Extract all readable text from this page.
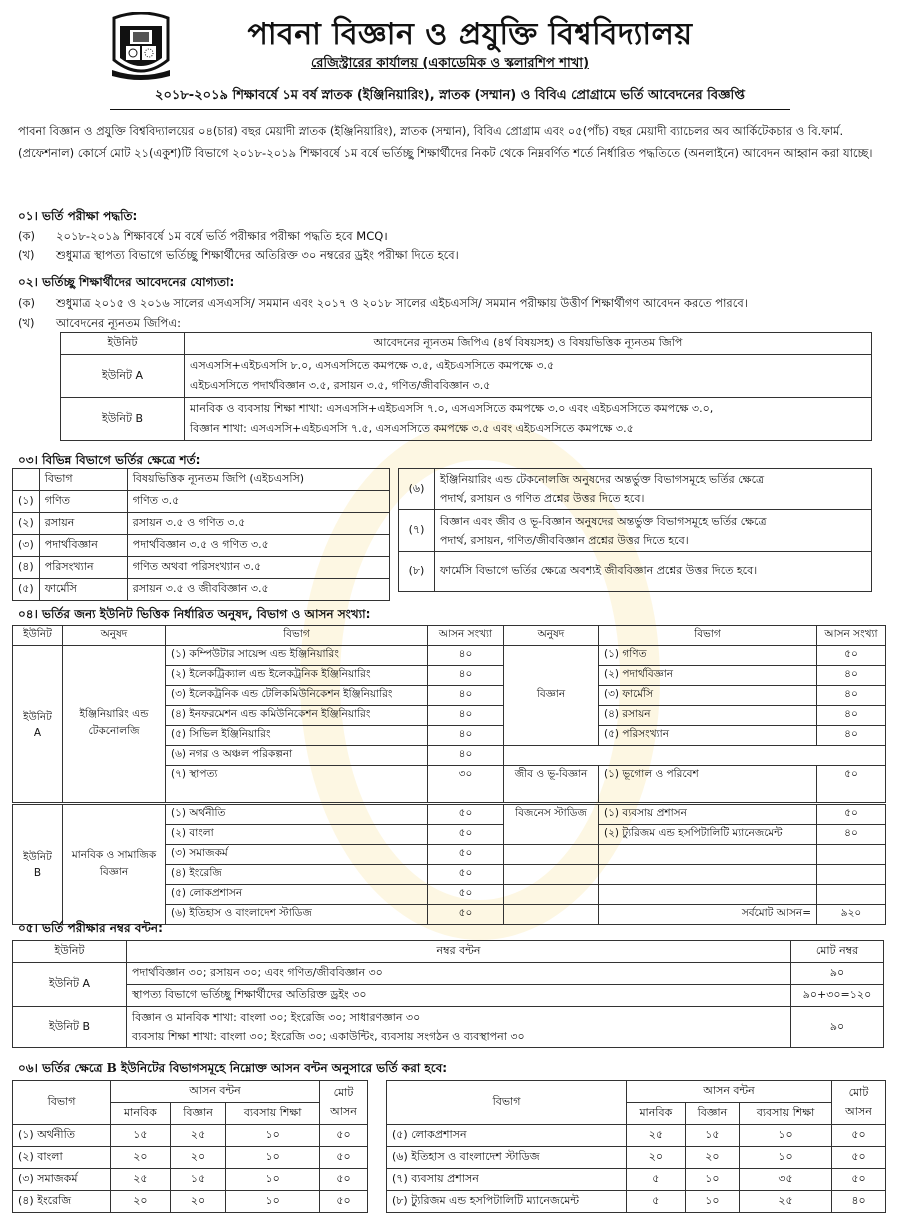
পাবনা বিজ্ঞান ও প্রযুক্তি বিশ্ববিদ্যালয়
রেজিস্ট্রারের কার্যালয় (একাডেমিক ও স্কলারশিপ শাখা)
২০১৮-২০১৯ শিক্ষাবর্ষে ১ম বর্ষ স্নাতক (ইঞ্জিনিয়ারিং), স্নাতক (সম্মান) ও বিবিএ প্রোগ্রামে ভর্তি আবেদনের বিজ্ঞপ্তি
পাবনা বিজ্ঞান ও প্রযুক্তি বিশ্ববিদ্যালয়ের ০৪(চার) বছর মেয়াদী স্নাতক (ইঞ্জিনিয়ারিং), স্নাতক (সম্মান), বিবিএ প্রোগ্রাম এবং ০৫(পাঁচ) বছর মেয়াদী ব্যাচেলর অব আর্কিটেকচার ও বি.ফার্ম. (প্রফেশনাল) কোর্সে মোট ২১(একুশ)টি বিভাগে ২০১৮-২০১৯ শিক্ষাবর্ষে ১ম বর্ষে ভর্তিচ্ছু শিক্ষার্থীদের নিকট থেকে নিম্নবর্ণিত শর্তে নির্ধারিত পদ্ধতিতে (অনলাইনে) আবেদন আহ্বান করা যাচ্ছে।
০১। ভর্তি পরীক্ষা পদ্ধতি:
(ক) ২০১৮-২০১৯ শিক্ষাবর্ষে ১ম বর্ষে ভর্তি পরীক্ষার পরীক্ষা পদ্ধতি হবে MCQ।
(খ) শুধুমাত্র স্থাপত্য বিভাগে ভর্তিচ্ছু শিক্ষার্থীদের অতিরিক্ত ৩০ নম্বরের ড্রইং পরীক্ষা দিতে হবে।
০২। ভর্তিচ্ছু শিক্ষার্থীদের আবেদনের যোগ্যতা:
(ক) শুধুমাত্র ২০১৫ ও ২০১৬ সালের এসএসসি/ সমমান এবং ২০১৭ ও ২০১৮ সালের এইচএসসি/ সমমান পরীক্ষায় উত্তীর্ণ শিক্ষার্থীগণ আবেদন করতে পারবে।
(খ) আবেদনের ন্যূনতম জিপিএ:
ইউনিট	আবেদনের ন্যূনতম জিপিএ (৪র্থ বিষয়সহ) ও বিষয়ভিত্তিক ন্যূনতম জিপি
ইউনিট A	এসএসসি+এইচএসসি ৮.০, এসএসসিতে কমপক্ষে ৩.৫, এইচএসসিতে কমপক্ষে ৩.৫
এইচএসসিতে পদার্থবিজ্ঞান ৩.৫, রসায়ন ৩.৫, গণিত/জীববিজ্ঞান ৩.৫

ইউনিট B	মানবিক ও ব্যবসায় শিক্ষা শাখা: এসএসসি+এইচএসসি ৭.০, এসএসসিতে কমপক্ষে ৩.০ এবং এইচএসসিতে কমপক্ষে ৩.০,
বিজ্ঞান শাখা: এসএসসি+এইচএসসি ৭.৫, এসএসসিতে কমপক্ষে ৩.৫ এবং এইচএসসিতে কমপক্ষে ৩.৫
০৩। বিভিন্ন বিভাগে ভর্তির ক্ষেত্রে শর্ত:
	বিভাগ	বিষয়ভিত্তিক ন্যূনতম জিপি (এইচএসসি)
(১)	গণিত	গণিত ৩.৫
(২)	রসায়ন	রসায়ন ৩.৫ ও গণিত ৩.৫
(৩)	পদার্থবিজ্ঞান	পদার্থবিজ্ঞান ৩.৫ ও গণিত ৩.৫
(৪)	পরিসংখ্যান	গণিত অথবা পরিসংখ্যান ৩.৫
(৫)	ফার্মেসি	রসায়ন ৩.৫ ও জীববিজ্ঞান ৩.৫
(৬)	ইঞ্জিনিয়ারিং এন্ড টেকনোলজি অনুষদের অন্তর্ভুক্ত বিভাগসমূহে ভর্তির ক্ষেত্রে
পদার্থ, রসায়ন ও গণিত প্রশ্নের উত্তর দিতে হবে।

(৭)	বিজ্ঞান এবং জীব ও ভূ-বিজ্ঞান অনুষদের অন্তর্ভুক্ত বিভাগসমূহে ভর্তির ক্ষেত্রে
পদার্থ, রসায়ন, গণিত/জীববিজ্ঞান প্রশ্নের উত্তর দিতে হবে।

(৮)	ফার্মেসি বিভাগে ভর্তির ক্ষেত্রে অবশ্যই জীববিজ্ঞান প্রশ্নের উত্তর দিতে হবে।
০৪। ভর্তির জন্য ইউনিট ভিত্তিক নির্ধারিত অনুষদ, বিভাগ ও আসন সংখ্যা:
ইউনিট	অনুষদ	বিভাগ	আসন সংখ্যা	অনুষদ	বিভাগ	আসন সংখ্যা
ইউনিট A	ইঞ্জিনিয়ারিং এন্ড টেকনোলজি	(১) কম্পিউটার সায়েন্স এন্ড ইঞ্জিনিয়ারিং	৪০	বিজ্ঞান	(১) গণিত	৫০
		(২) ইলেকট্রিক্যাল এন্ড ইলেকট্রনিক ইঞ্জিনিয়ারিং	৪০		(২) পদার্থবিজ্ঞান	৪০
		(৩) ইলেকট্রনিক এন্ড টেলিকমিউনিকেশন ইঞ্জিনিয়ারিং	৪০		(৩) ফার্মেসি	৪০
		(৪) ইনফরমেশন এন্ড কমিউনিকেশন ইঞ্জিনিয়ারিং	৪০		(৪) রসায়ন	৪০
		(৫) সিভিল ইঞ্জিনিয়ারিং	৪০		(৫) পরিসংখ্যান	৪০
		(৬) নগর ও অঞ্চল পরিকল্পনা	৪০			
		(৭) স্থাপত্য	৩০	জীব ও ভূ-বিজ্ঞান	(১) ভূগোল ও পরিবেশ	৫০
ইউনিট B	মানবিক ও সামাজিক বিজ্ঞান	(১) অর্থনীতি	৫০	বিজনেস স্টাডিজ	(১) ব্যবসায় প্রশাসন	৫০
		(২) বাংলা	৫০		(২) ট্যুরিজম এন্ড হসপিটালিটি ম্যানেজমেন্ট	৪০
		(৩) সমাজকর্ম	৫০			
		(৪) ইংরেজি	৫০			
		(৫) লোকপ্রশাসন	৫০			
		(৬) ইতিহাস ও বাংলাদেশ স্টাডিজ	৫০		সর্বমোট আসন=	৯২০
০৫। ভর্তি পরীক্ষার নম্বর বন্টন:
ইউনিট	নম্বর বন্টন	মোট নম্বর
ইউনিট A	পদার্থবিজ্ঞান ৩০; রসায়ন ৩০; এবং গণিত/জীববিজ্ঞান ৩০	৯০
	স্থাপত্য বিভাগে ভর্তিচ্ছু শিক্ষার্থীদের অতিরিক্ত ড্রইং ৩০	৯০+৩০=১২০
ইউনিট B	বিজ্ঞান ও মানবিক শাখা: বাংলা ৩০; ইংরেজি ৩০; সাধারণজ্ঞান ৩০
ব্যবসায় শিক্ষা শাখা: বাংলা ৩০; ইংরেজি ৩০; একাউন্টিং, ব্যবসায় সংগঠন ও ব্যবস্থাপনা ৩০	৯০
০৬। ভর্তির ক্ষেত্রে B ইউনিটের বিভাগসমূহে নিম্নোক্ত আসন বন্টন অনুসারে ভর্তি করা হবে:
বিভাগ	আসন বন্টন			মোট আসন
	মানবিক	বিজ্ঞান	ব্যবসায় শিক্ষা	
(১) অর্থনীতি	১৫	২৫	১০	৫০
(২) বাংলা	২০	২০	১০	৫০
(৩) সমাজকর্ম	২৫	১৫	১০	৫০
(৪) ইংরেজি	২০	২০	১০	৫০
বিভাগ	আসন বন্টন			মোট আসন
	মানবিক	বিজ্ঞান	ব্যবসায় শিক্ষা	
(৫) লোকপ্রশাসন	২৫	১৫	১০	৫০
(৬) ইতিহাস ও বাংলাদেশ স্টাডিজ	২০	২০	১০	৫০
(৭) ব্যবসায় প্রশাসন	৫	১০	৩৫	৫০
(৮) ট্যুরিজম এন্ড হসপিটালিটি ম্যানেজমেন্ট	৫	১০	২৫	৪০
